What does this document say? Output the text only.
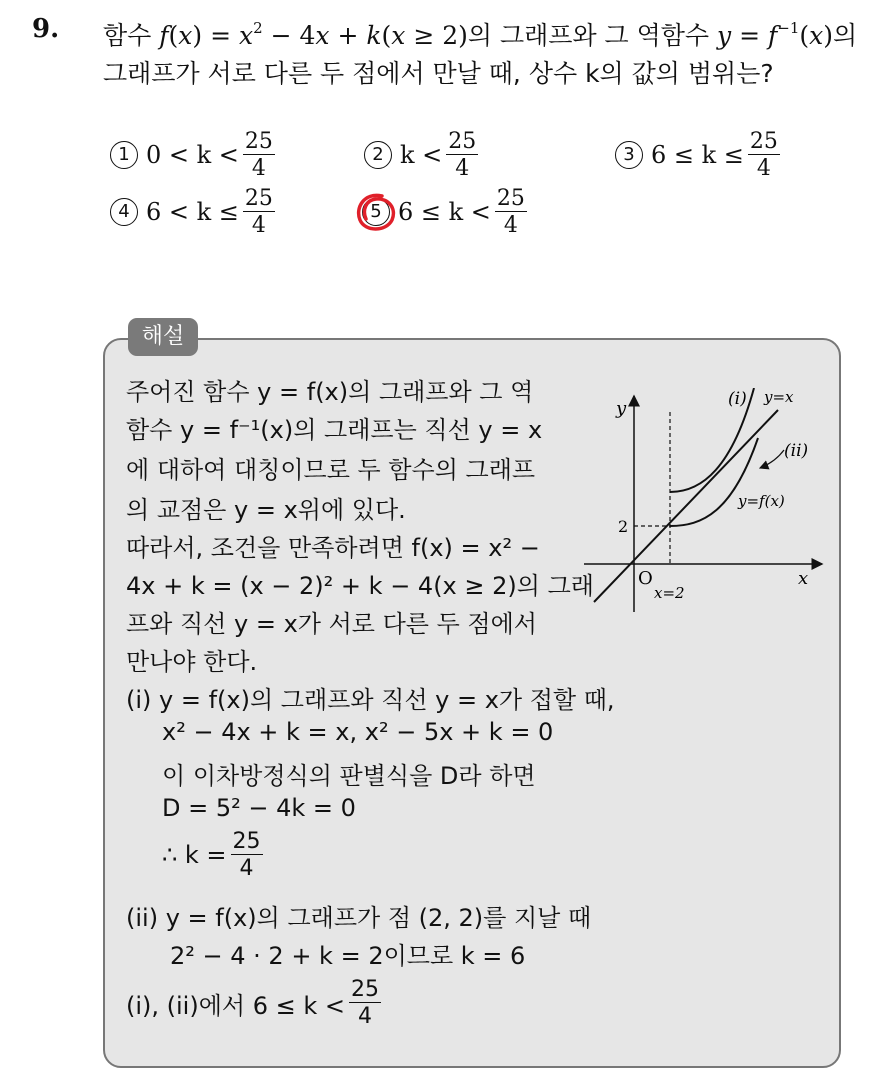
9. 함수 $f(x) = x^2 - 4x + k(x \ge 2)$의 그래프와 그 역함수 $y = f^{-1}(x)$의
그래프가 서로 다른 두 점에서 만날 때, 상수 k의 값의 범위는?
1 $0 < k < \frac{25}{4}$	2 $k < \frac{25}{4}$	3 $6 \le k \le \frac{25}{4}$
4 $6 < k \le \frac{25}{4}$	5 $6 \le k < \frac{25}{4}$
해설
주어진 함수 y = f(x)의 그래프와 그 역
함수 y = f⁻¹(x)의 그래프는 직선 y = x
에 대하여 대칭이므로 두 함수의 그래프
의 교점은 y = x위에 있다.
따라서, 조건을 만족하려면 f(x) = x² −
4x + k = (x − 2)² + k − 4(x ≥ 2)의 그래
프와 직선 y = x가 서로 다른 두 점에서
만나야 한다.
(i) y = f(x)의 그래프와 직선 y = x가 접할 때,
x² − 4x + k = x, x² − 5x + k = 0
이 이차방정식의 판별식을 D라 하면
D = 5² − 4k = 0
∴ $k = \frac{25}{4}$
(ii) y = f(x)의 그래프가 점 (2, 2)를 지날 때
2² − 4 · 2 + k = 2이므로 k = 6
(i), (ii)에서 $6 \le k < \frac{25}{4}$
y
x
O
2
x=2
(i) y=x
(ii)
y=f(x)
